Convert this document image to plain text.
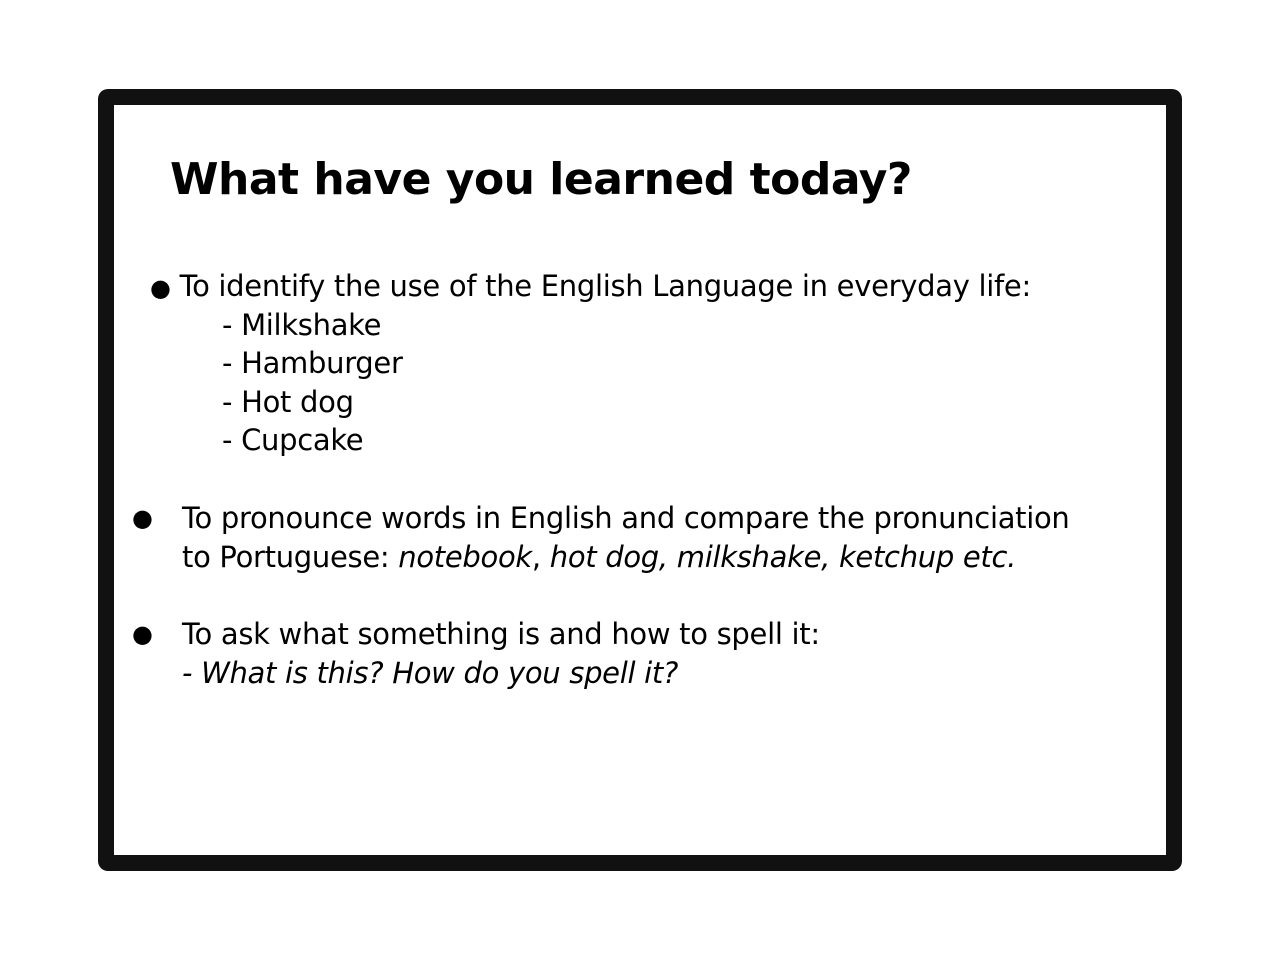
What have you learned today?
● To identify the use of the English Language in everyday life:
- Milkshake
- Hamburger
- Hot dog
- Cupcake
● To pronounce words in English and compare the pronunciation
to Portuguese: notebook, hot dog, milkshake, ketchup etc.
● To ask what something is and how to spell it:
- What is this? How do you spell it?
